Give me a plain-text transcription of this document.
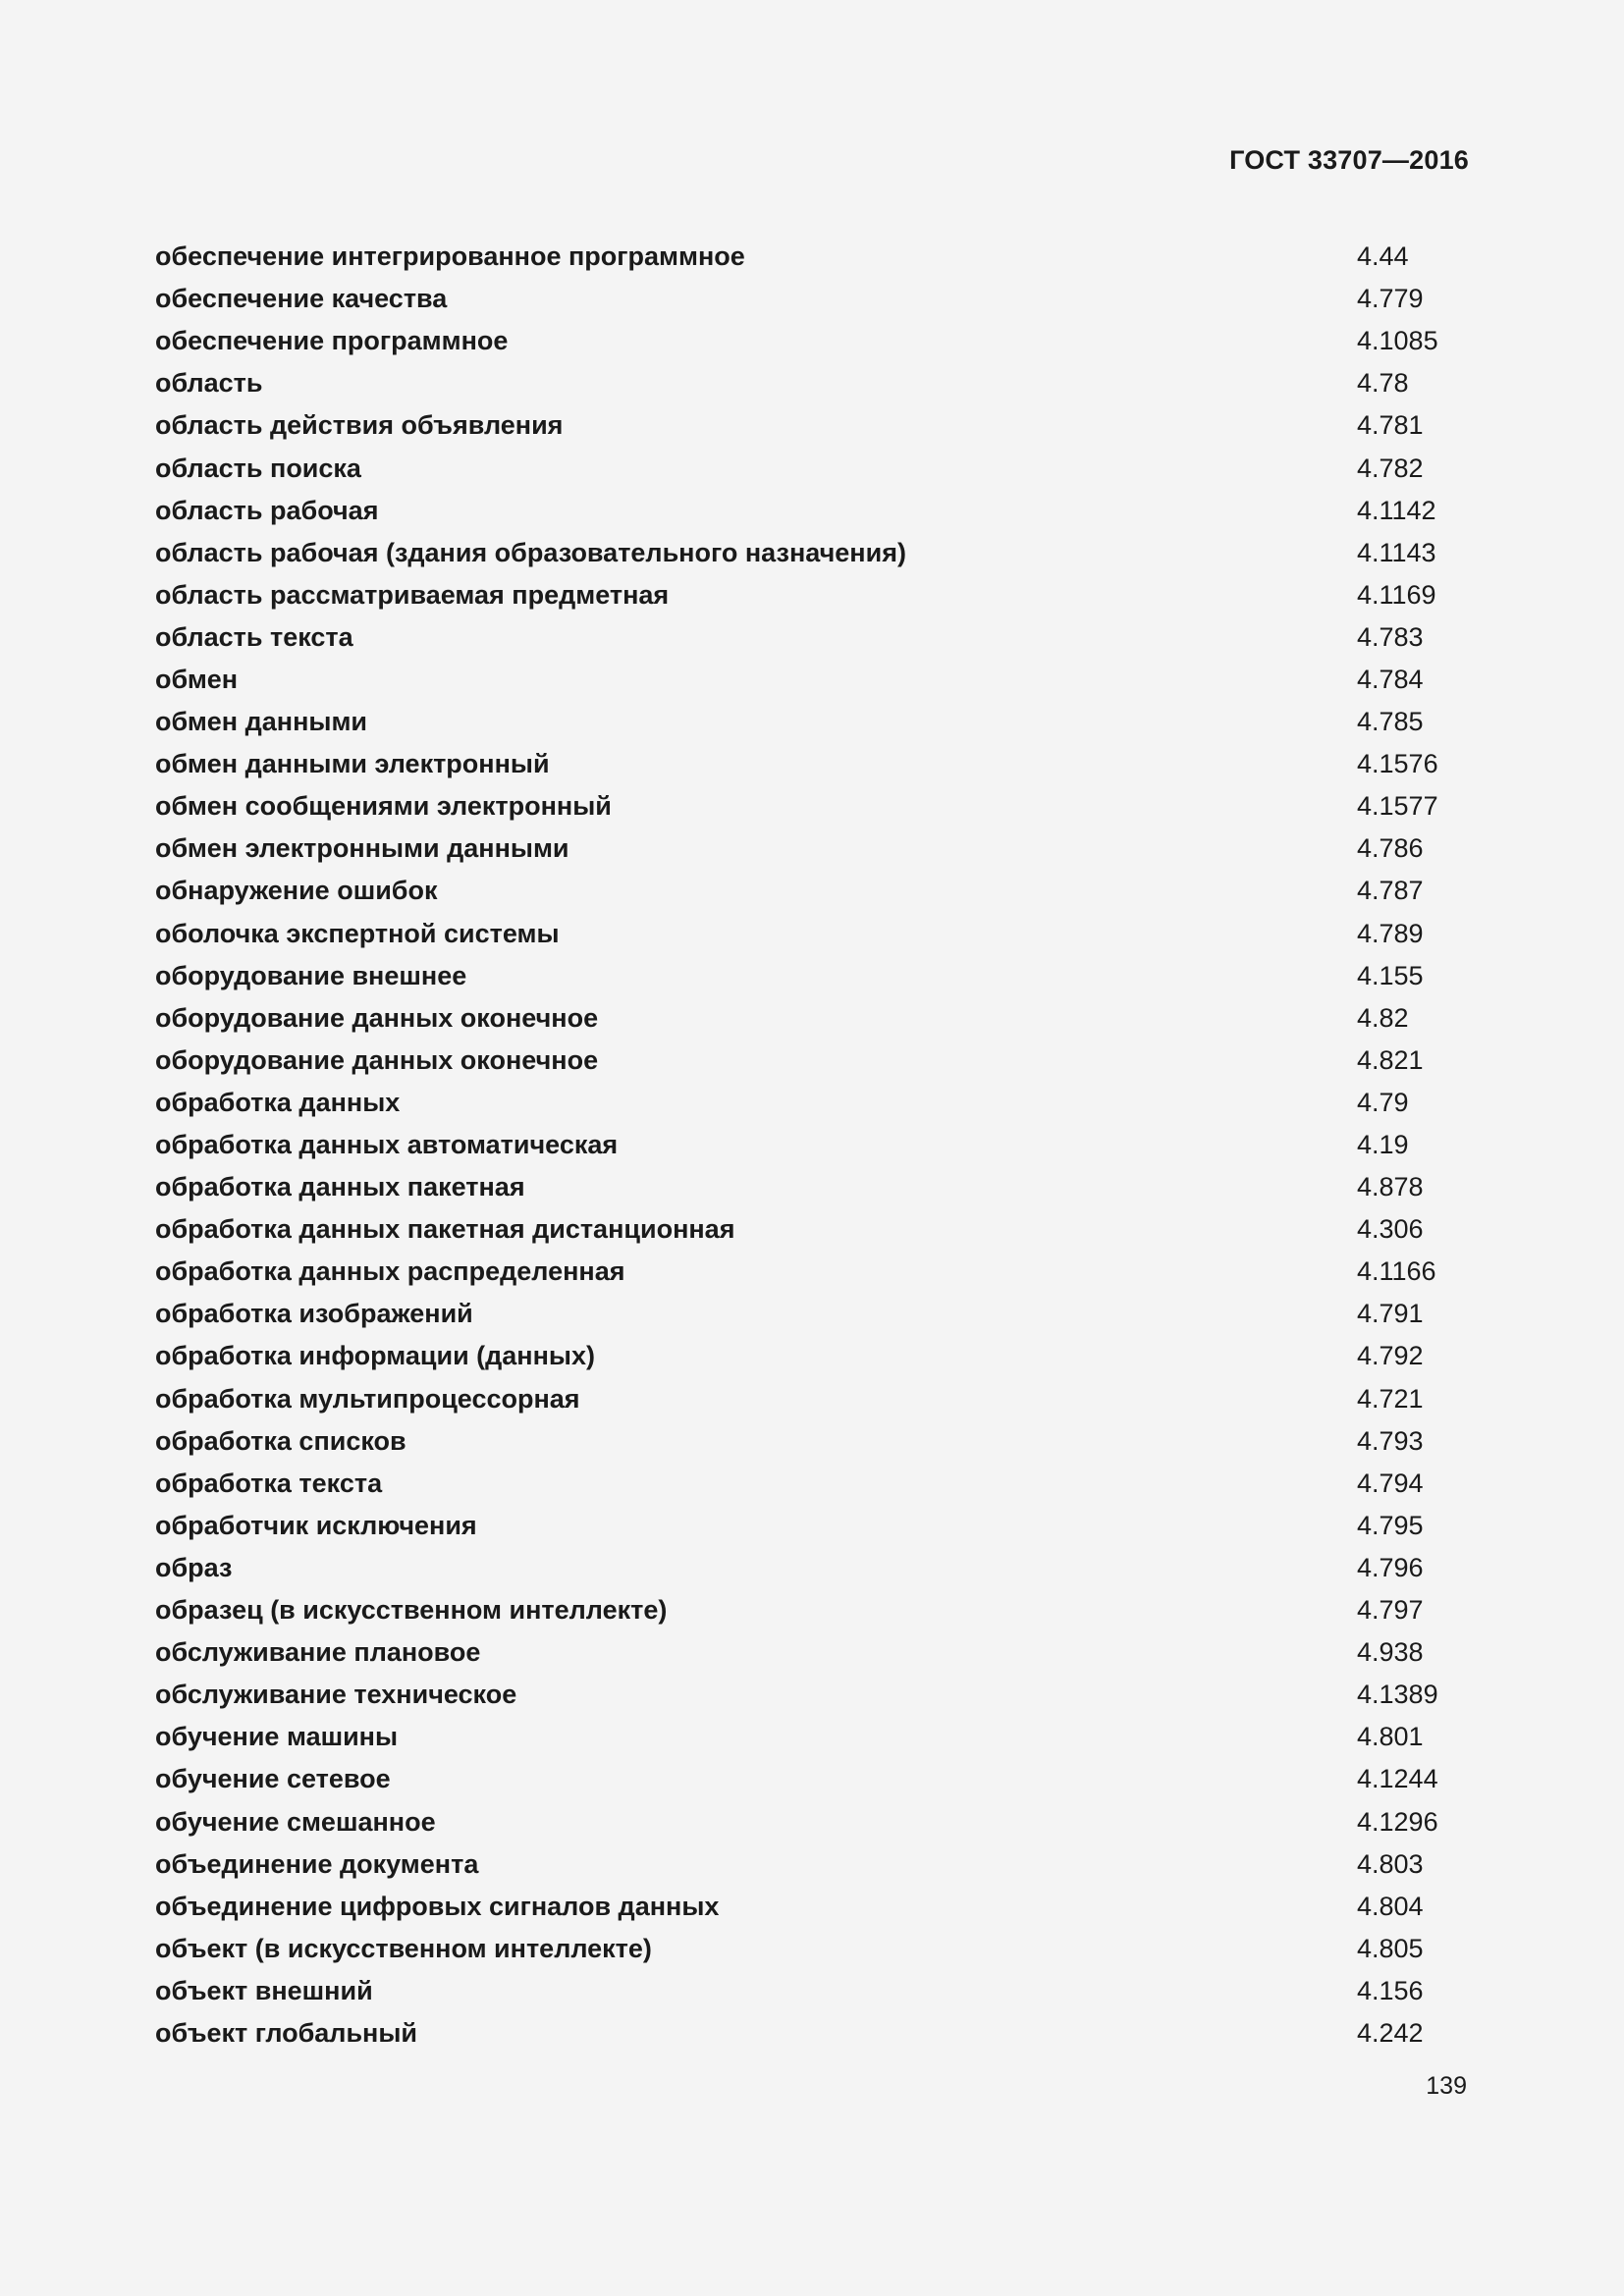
ГОСТ 33707—2016
обеспечение интегрированное программное	4.44
обеспечение качества	4.779
обеспечение программное	4.1085
область	4.78
область действия объявления	4.781
область поиска	4.782
область рабочая	4.1142
область рабочая (здания образовательного назначения)	4.1143
область рассматриваемая предметная	4.1169
область текста	4.783
обмен	4.784
обмен данными	4.785
обмен данными электронный	4.1576
обмен сообщениями электронный	4.1577
обмен электронными данными	4.786
обнаружение ошибок	4.787
оболочка экспертной системы	4.789
оборудование внешнее	4.155
оборудование данных оконечное	4.82
оборудование данных оконечное	4.821
обработка данных	4.79
обработка данных автоматическая	4.19
обработка данных пакетная	4.878
обработка данных пакетная дистанционная	4.306
обработка данных распределенная	4.1166
обработка изображений	4.791
обработка информации (данных)	4.792
обработка мультипроцессорная	4.721
обработка списков	4.793
обработка текста	4.794
обработчик исключения	4.795
образ	4.796
образец (в искусственном интеллекте)	4.797
обслуживание плановое	4.938
обслуживание техническое	4.1389
обучение машины	4.801
обучение сетевое	4.1244
обучение смешанное	4.1296
объединение документа	4.803
объединение цифровых сигналов данных	4.804
объект (в искусственном интеллекте)	4.805
объект внешний	4.156
объект глобальный	4.242
139
